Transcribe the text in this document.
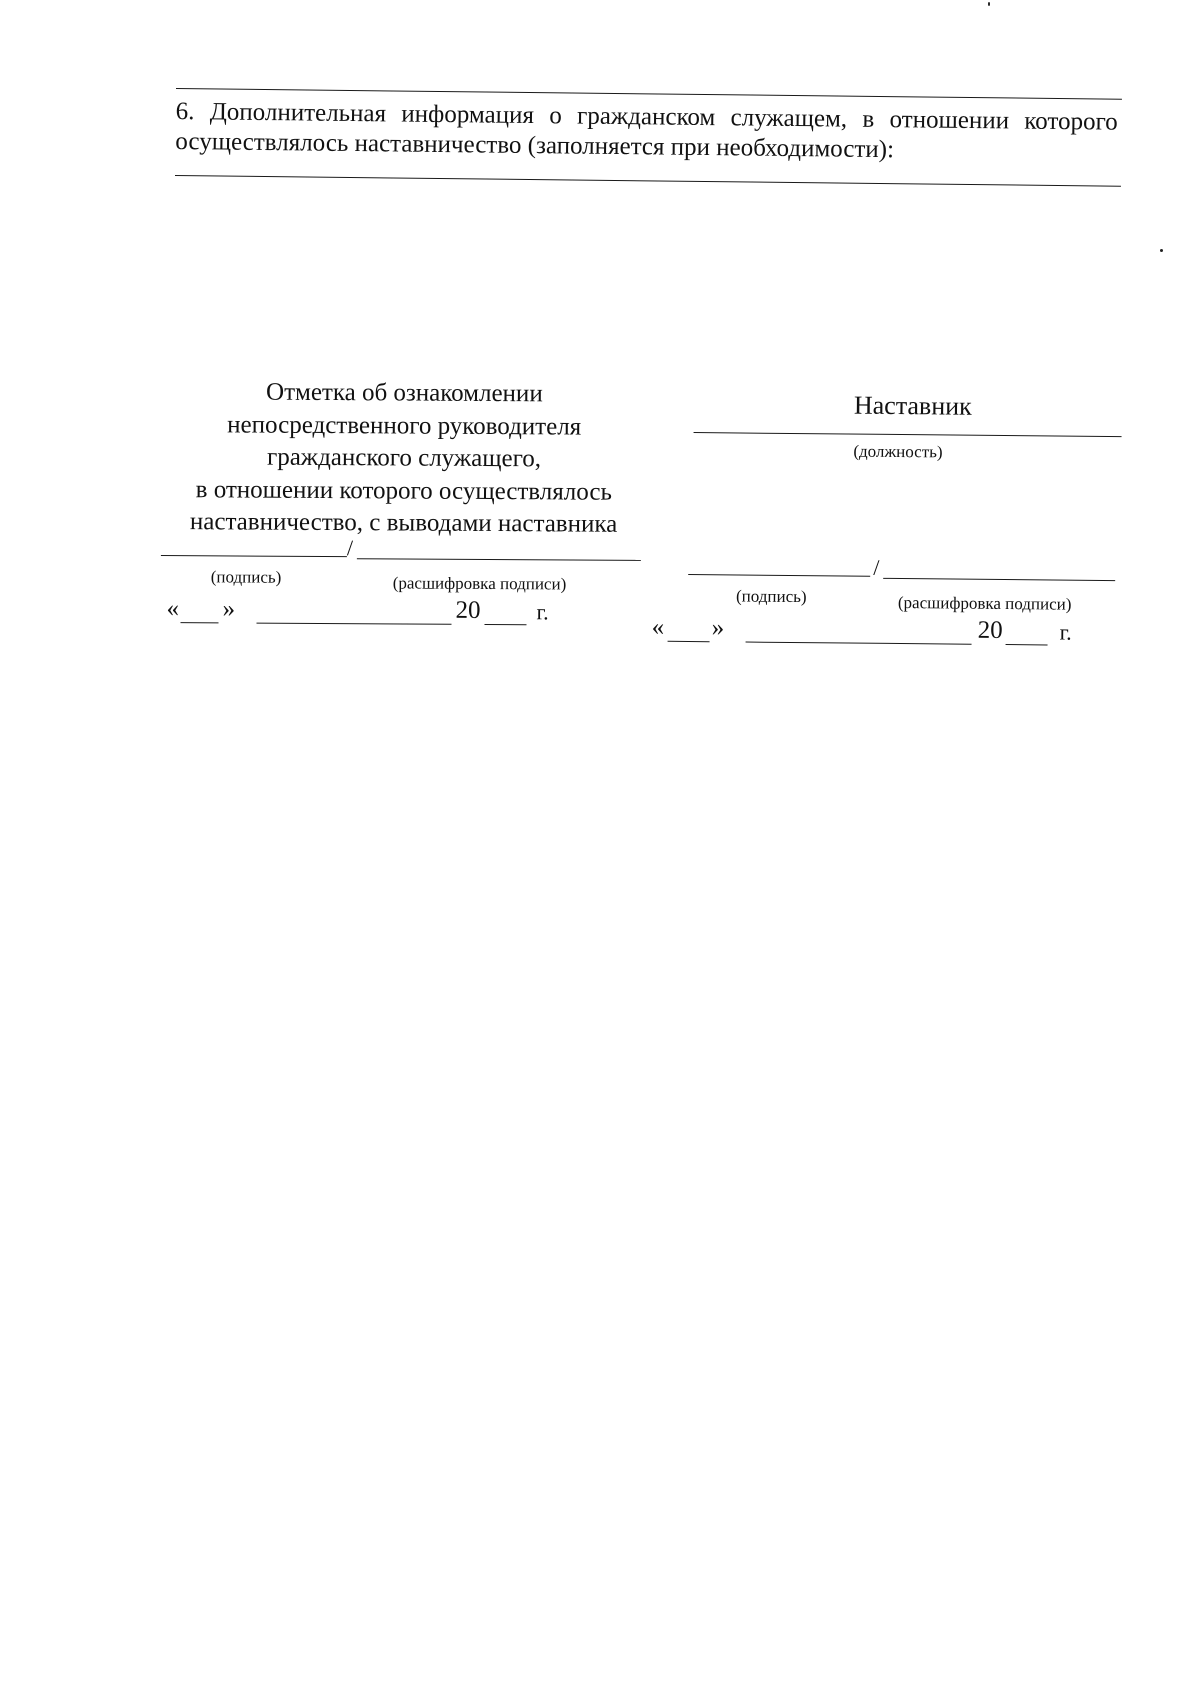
6. Дополнительная информация о гражданском служащем, в отношении которого осуществлялось наставничество (заполняется при необходимости):

Отметка об ознакомлении
непосредственного руководителя
гражданского служащего,
в отношении которого осуществлялось
наставничество, с выводами наставника

/
(подпись)	(расшифровка подписи)
« »	20	г.

Наставник

(должность)
/
(подпись)	(расшифровка подписи)
« »	20	г.
